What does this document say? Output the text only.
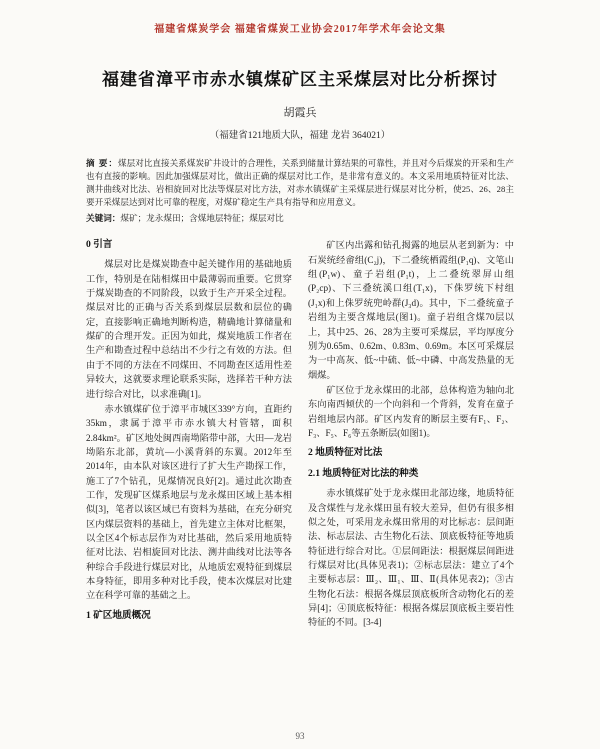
福建省煤炭学会 福建省煤炭工业协会2017年学术年会论文集
福建省漳平市赤水镇煤矿区主采煤层对比分析探讨
胡霞兵
（福建省121地质大队，福建 龙岩 364021）
摘 要：煤层对比直接关系煤炭矿井设计的合理性，关系到储量计算结果的可靠性，并且对今后煤炭的开采和生产也有直接的影响。因此加强煤层对比，做出正确的煤层对比工作，是非常有意义的。本文采用地质特征对比法、测井曲线对比法、岩相旋回对比法等煤层对比方法，对赤水镇煤矿主采煤层进行煤层对比分析，使25、26、28主要开采煤层达到对比可靠的程度，对煤矿稳定生产具有指导和应用意义。
关键词：煤矿；龙永煤田；含煤地层特征；煤层对比
0 引言

煤层对比是煤炭勘查中起关键作用的基础地质工作，特别是在陆相煤田中最薄弱而重要。它贯穿于煤炭勘查的不同阶段，以致于生产开采全过程。煤层对比的正确与否关系到煤层层数和层位的确定，直接影响正确地判断构造，精确地计算储量和煤矿的合理开发。正因为如此，煤炭地质工作者在生产和勘查过程中总结出不少行之有效的方法。但由于不同的方法在不同煤田、不同勘查区适用性差异较大，这就要求理论联系实际，选择若干种方法进行综合对比，以求准确[1]。

赤水镇煤矿位于漳平市城区339°方向，直距约35km，隶属于漳平市赤水镇大村管辖，面积2.84km²。矿区地处闽西南坳陷带中部，大田—龙岩坳陷东北部，黄坑—小溪背斜的东翼。2012年至2014年，由本队对该区进行了扩大生产勘探工作，施工了7个钻孔，见煤情况良好[2]。通过此次勘查工作，发现矿区煤系地层与龙永煤田区域上基本相似[3]，笔者以该区域已有资料为基础，在充分研究区内煤层资料的基础上，首先建立主体对比框架，以全区4个标志层作为对比基础，然后采用地质特征对比法、岩相旋回对比法、测井曲线对比法等各种综合手段进行煤层对比，从地质宏观特征到煤层本身特征，即用多种对比手段，使本次煤层对比建立在科学可靠的基础之上。

1 矿区地质概况

矿区内出露和钻孔揭露的地层从老到新为：中石炭统经畲组(C₂j)，下二叠统栖霞组(P₁q)、文笔山组(P₁w)、童子岩组(P₁t)，上二叠统翠屏山组(P₂cp)、下三叠统溪口组(T₁x)，下侏罗统下村组(J₁x)和上侏罗统兜岭群(J₃d)。其中，下二叠统童子岩组为主要含煤地层(图1)。童子岩组含煤70层以上，其中25、26、28为主要可采煤层，平均厚度分别为0.65m、0.62m、0.83m、0.69m。本区可采煤层为一中高灰、低~中硫、低~中磷、中高发热量的无烟煤。

矿区位于龙永煤田的北部，总体构造为轴向北东向南西倾伏的一个向斜和一个背斜，发育在童子岩组地层内部。矿区内发育的断层主要有F₁、F₂、F₃、F₅、F₆等五条断层(如图1)。

2 地质特征对比法
2.1 地质特征对比法的种类

赤水镇煤矿处于龙永煤田北部边缘，地质特征及含煤性与龙永煤田虽有较大差异，但仍有很多相似之处，可采用龙永煤田常用的对比标志：层间距法、标志层法、古生物化石法、顶底板特征等地质特征进行综合对比。①层间距法：根据煤层间距进行煤层对比(具体见表1)；②标志层法：建立了4个主要标志层：Ⅲ₂、Ⅲ₁、Ⅲ、Ⅱ(具体见表2)；③古生物化石法：根据各煤层顶底板所含动物化石的差异[4]；④顶底板特征：根据各煤层顶底板主要岩性特征的不同。[3-4]

93
